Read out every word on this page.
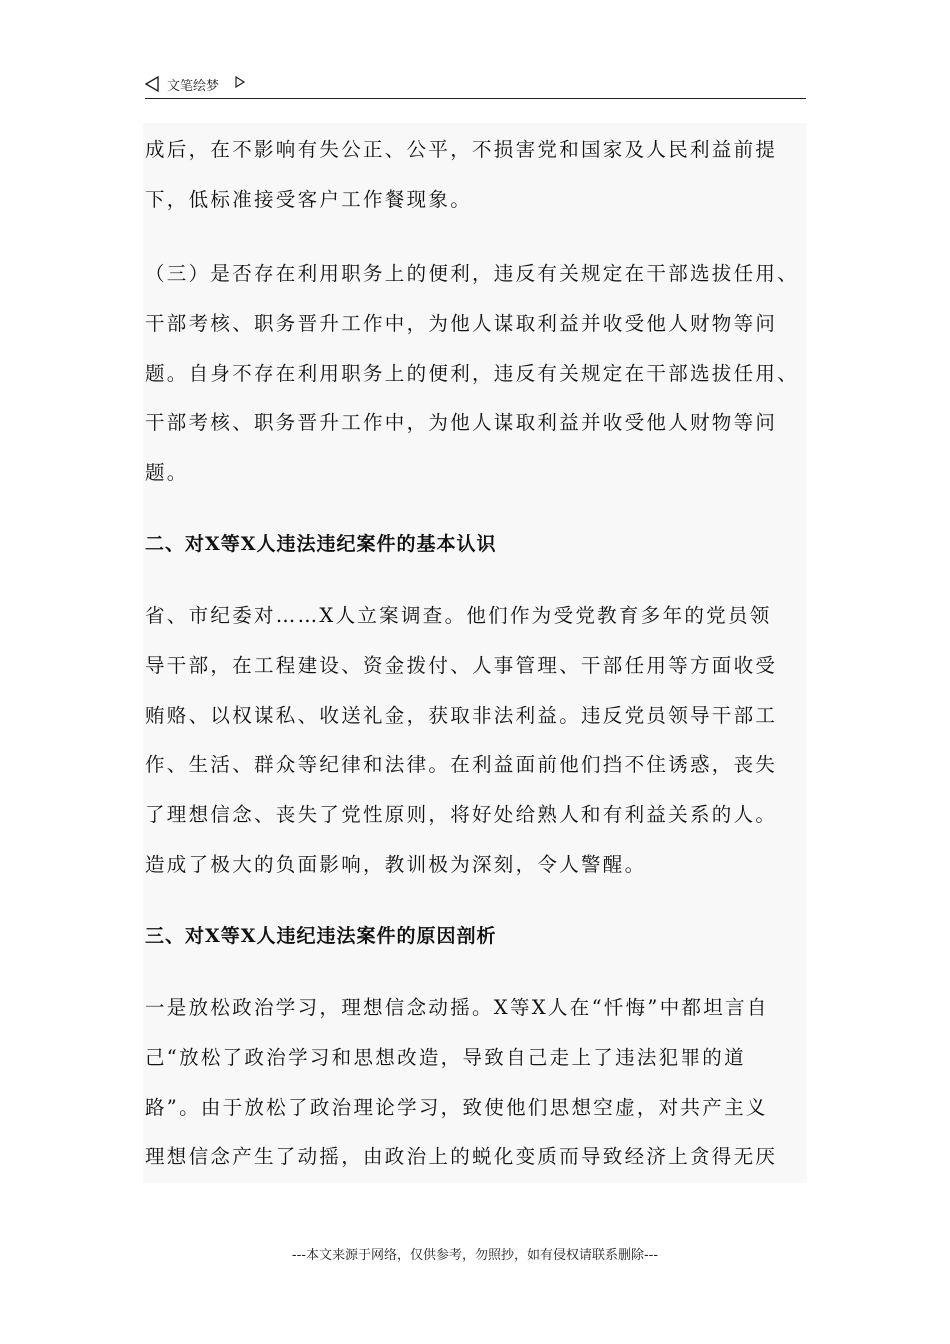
文笔绘梦
成后，在不影响有失公正、公平，不损害党和国家及人民利益前提
下，低标准接受客户工作餐现象。
（三）是否存在利用职务上的便利，违反有关规定在干部选拔任用、
干部考核、职务晋升工作中，为他人谋取利益并收受他人财物等问
题。自身不存在利用职务上的便利，违反有关规定在干部选拔任用、
干部考核、职务晋升工作中，为他人谋取利益并收受他人财物等问
题。
二、对X等X人违法违纪案件的基本认识
省、市纪委对……X人立案调查。他们作为受党教育多年的党员领
导干部，在工程建设、资金拨付、人事管理、干部任用等方面收受
贿赂、以权谋私、收送礼金，获取非法利益。违反党员领导干部工
作、生活、群众等纪律和法律。在利益面前他们挡不住诱惑，丧失
了理想信念、丧失了党性原则，将好处给熟人和有利益关系的人。
造成了极大的负面影响，教训极为深刻，令人警醒。
三、对X等X人违纪违法案件的原因剖析
一是放松政治学习，理想信念动摇。X等X人在“忏悔”中都坦言自
己“放松了政治学习和思想改造，导致自己走上了违法犯罪的道
路”。由于放松了政治理论学习，致使他们思想空虚，对共产主义
理想信念产生了动摇，由政治上的蜕化变质而导致经济上贪得无厌
---本文来源于网络，仅供参考，勿照抄，如有侵权请联系删除---
